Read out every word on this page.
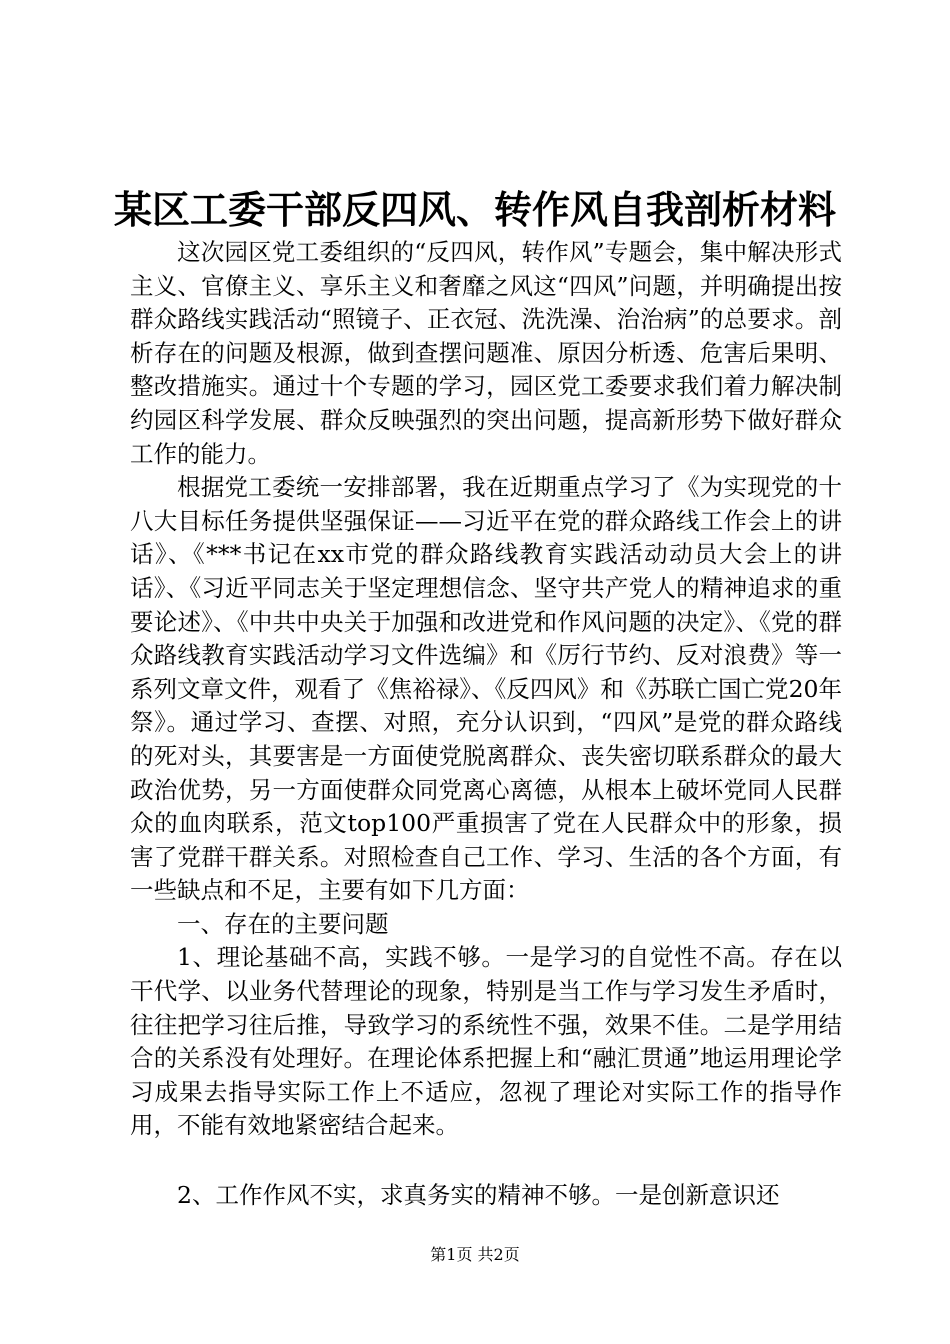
某区工委干部反四风、转作风自我剖析材料

这次园区党工委组织的“反四风，转作风”专题会，集中解决形式主义、官僚主义、享乐主义和奢靡之风这“四风”问题，并明确提出按群众路线实践活动“照镜子、正衣冠、洗洗澡、治治病”的总要求。剖析存在的问题及根源，做到查摆问题准、原因分析透、危害后果明、整改措施实。通过十个专题的学习，园区党工委要求我们着力解决制约园区科学发展、群众反映强烈的突出问题，提高新形势下做好群众工作的能力。

根据党工委统一安排部署，我在近期重点学习了《为实现党的十八大目标任务提供坚强保证——习近平在党的群众路线工作会上的讲话》、《***书记在xx市党的群众路线教育实践活动动员大会上的讲话》、《习近平同志关于坚定理想信念、坚守共产党人的精神追求的重要论述》、《中共中央关于加强和改进党和作风问题的决定》、《党的群众路线教育实践活动学习文件选编》和《厉行节约、反对浪费》等一系列文章文件，观看了《焦裕禄》、《反四风》和《苏联亡国亡党20年祭》。通过学习、查摆、对照，充分认识到，“四风”是党的群众路线的死对头，其要害是一方面使党脱离群众、丧失密切联系群众的最大政治优势，另一方面使群众同党离心离德，从根本上破坏党同人民群众的血肉联系，范文top100严重损害了党在人民群众中的形象，损害了党群干群关系。对照检查自己工作、学习、生活的各个方面，有一些缺点和不足，主要有如下几方面：

一、存在的主要问题

1、理论基础不高，实践不够。一是学习的自觉性不高。存在以干代学、以业务代替理论的现象，特别是当工作与学习发生矛盾时，往往把学习往后推，导致学习的系统性不强，效果不佳。二是学用结合的关系没有处理好。在理论体系把握上和“融汇贯通”地运用理论学习成果去指导实际工作上不适应，忽视了理论对实际工作的指导作用，不能有效地紧密结合起来。

2、工作作风不实，求真务实的精神不够。一是创新意识还

第1页 共2页
